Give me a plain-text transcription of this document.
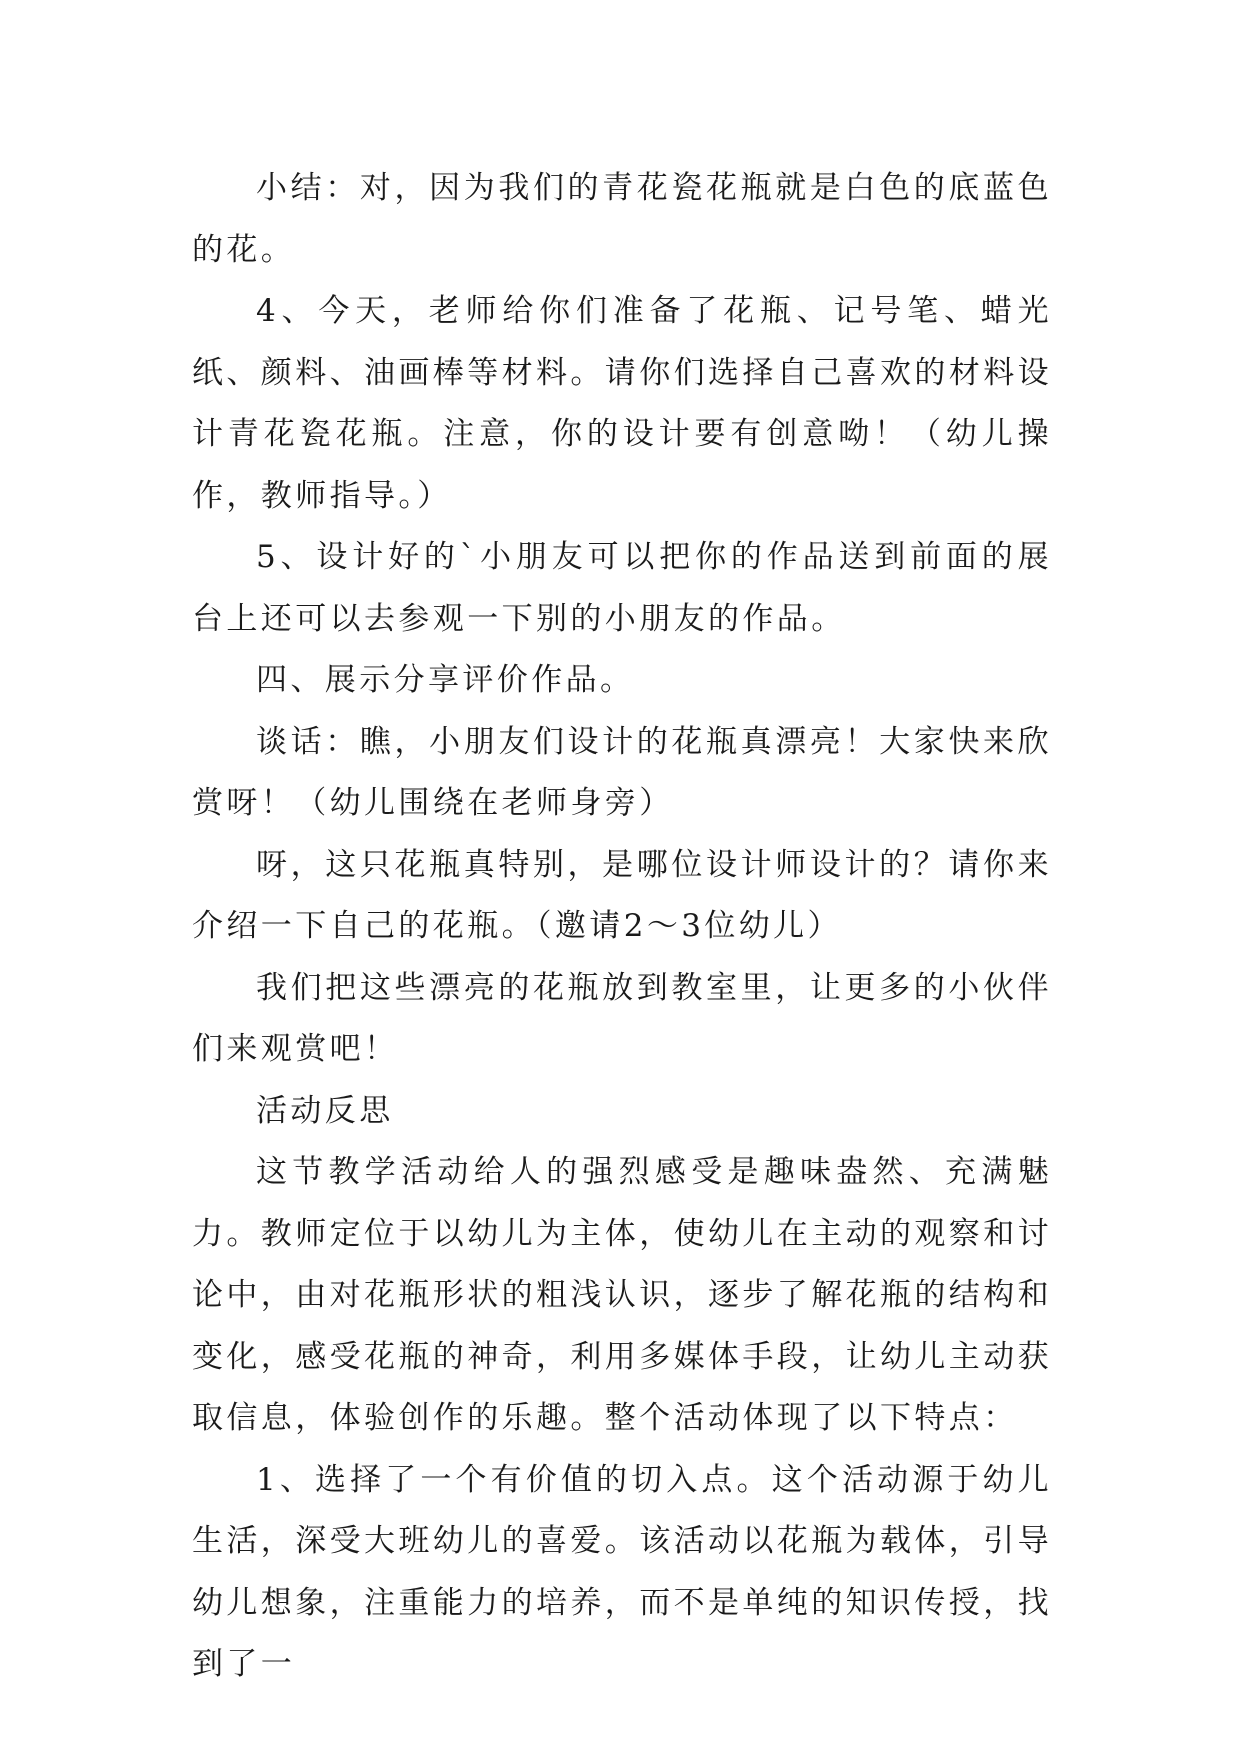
小结：对，因为我们的青花瓷花瓶就是白色的底蓝色的花。

4、今天，老师给你们准备了花瓶、记号笔、蜡光纸、颜料、油画棒等材料。请你们选择自己喜欢的材料设计青花瓷花瓶。注意，你的设计要有创意呦！（幼儿操作，教师指导。）

5、设计好的`小朋友可以把你的作品送到前面的展台上还可以去参观一下别的小朋友的作品。

四、展示分享评价作品。

谈话：瞧，小朋友们设计的花瓶真漂亮！大家快来欣赏呀！（幼儿围绕在老师身旁）

呀，这只花瓶真特别，是哪位设计师设计的？请你来介绍一下自己的花瓶。（邀请2～3位幼儿）

我们把这些漂亮的花瓶放到教室里，让更多的小伙伴们来观赏吧！

活动反思

这节教学活动给人的强烈感受是趣味盎然、充满魅力。教师定位于以幼儿为主体，使幼儿在主动的观察和讨论中，由对花瓶形状的粗浅认识，逐步了解花瓶的结构和变化，感受花瓶的神奇，利用多媒体手段，让幼儿主动获取信息，体验创作的乐趣。整个活动体现了以下特点：

1、选择了一个有价值的切入点。这个活动源于幼儿生活，深受大班幼儿的喜爱。该活动以花瓶为载体，引导幼儿想象，注重能力的培养，而不是单纯的知识传授，找到了一
